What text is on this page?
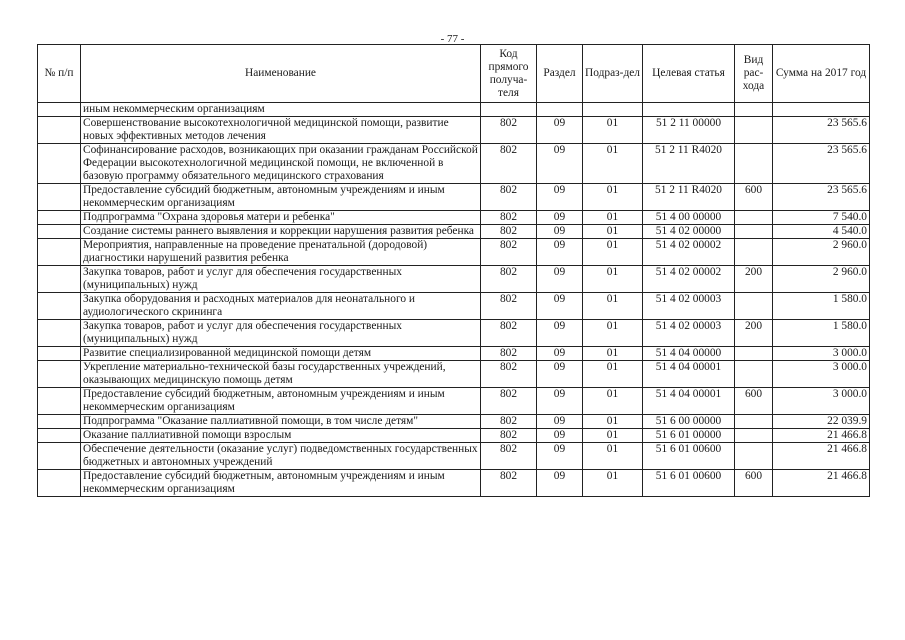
- 77 -
№ п/п	Наименование	Код прямого получа-теля	Раздел	Подраз-дел	Целевая статья	Вид рас-хода	Сумма на 2017 год
	иным некоммерческим организациям						
	Совершенствование высокотехнологичной медицинской помощи, развитие новых эффективных методов лечения	802	09	01	51 2 11 00000		23 565.6
	Софинансирование расходов, возникающих при оказании гражданам Российской Федерации высокотехнологичной медицинской помощи, не включенной в базовую программу обязательного медицинского страхования	802	09	01	51 2 11 R4020		23 565.6
	Предоставление субсидий бюджетным, автономным учреждениям и иным некоммерческим организациям	802	09	01	51 2 11 R4020	600	23 565.6
	Подпрограмма "Охрана здоровья матери и ребенка"	802	09	01	51 4 00 00000		7 540.0
	Создание системы раннего выявления и коррекции нарушения развития ребенка	802	09	01	51 4 02 00000		4 540.0
	Мероприятия, направленные на проведение пренатальной (дородовой) диагностики нарушений развития ребенка	802	09	01	51 4 02 00002		2 960.0
	Закупка товаров, работ и услуг для обеспечения государственных (муниципальных) нужд	802	09	01	51 4 02 00002	200	2 960.0
	Закупка оборудования и расходных материалов для неонатального и аудиологического скрининга	802	09	01	51 4 02 00003		1 580.0
	Закупка товаров, работ и услуг для обеспечения государственных (муниципальных) нужд	802	09	01	51 4 02 00003	200	1 580.0
	Развитие специализированной медицинской помощи детям	802	09	01	51 4 04 00000		3 000.0
	Укрепление материально-технической базы государственных учреждений, оказывающих медицинскую помощь детям	802	09	01	51 4 04 00001		3 000.0
	Предоставление субсидий бюджетным, автономным учреждениям и иным некоммерческим организациям	802	09	01	51 4 04 00001	600	3 000.0
	Подпрограмма "Оказание паллиативной помощи, в том числе детям"	802	09	01	51 6 00 00000		22 039.9
	Оказание паллиативной помощи взрослым	802	09	01	51 6 01 00000		21 466.8
	Обеспечение деятельности (оказание услуг) подведомственных государственных бюджетных и автономных учреждений	802	09	01	51 6 01 00600		21 466.8
	Предоставление субсидий бюджетным, автономным учреждениям и иным некоммерческим организациям	802	09	01	51 6 01 00600	600	21 466.8
